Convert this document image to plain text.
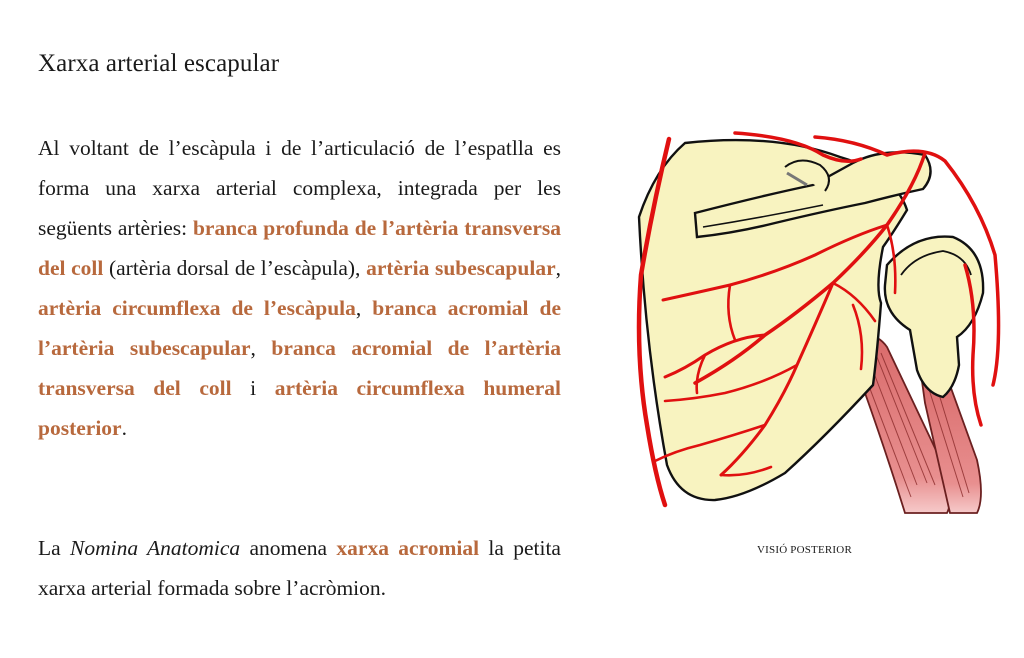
Xarxa arterial escapular

Al voltant de l’escàpula i de l’articulació de l’espatlla es forma una xarxa arterial complexa, integrada per les següents artèries: branca profunda de l’artèria transversa del coll (artèria dorsal de l’escàpula), artèria subescapular, artèria circumflexa de l’escàpula, branca acromial de l’artèria subescapular, branca acromial de l’artèria transversa del coll i artèria circumflexa humeral posterior.

La Nomina Anatomica anomena xarxa acromial la petita xarxa arterial formada sobre l’acròmion.

VISIÓ POSTERIOR
